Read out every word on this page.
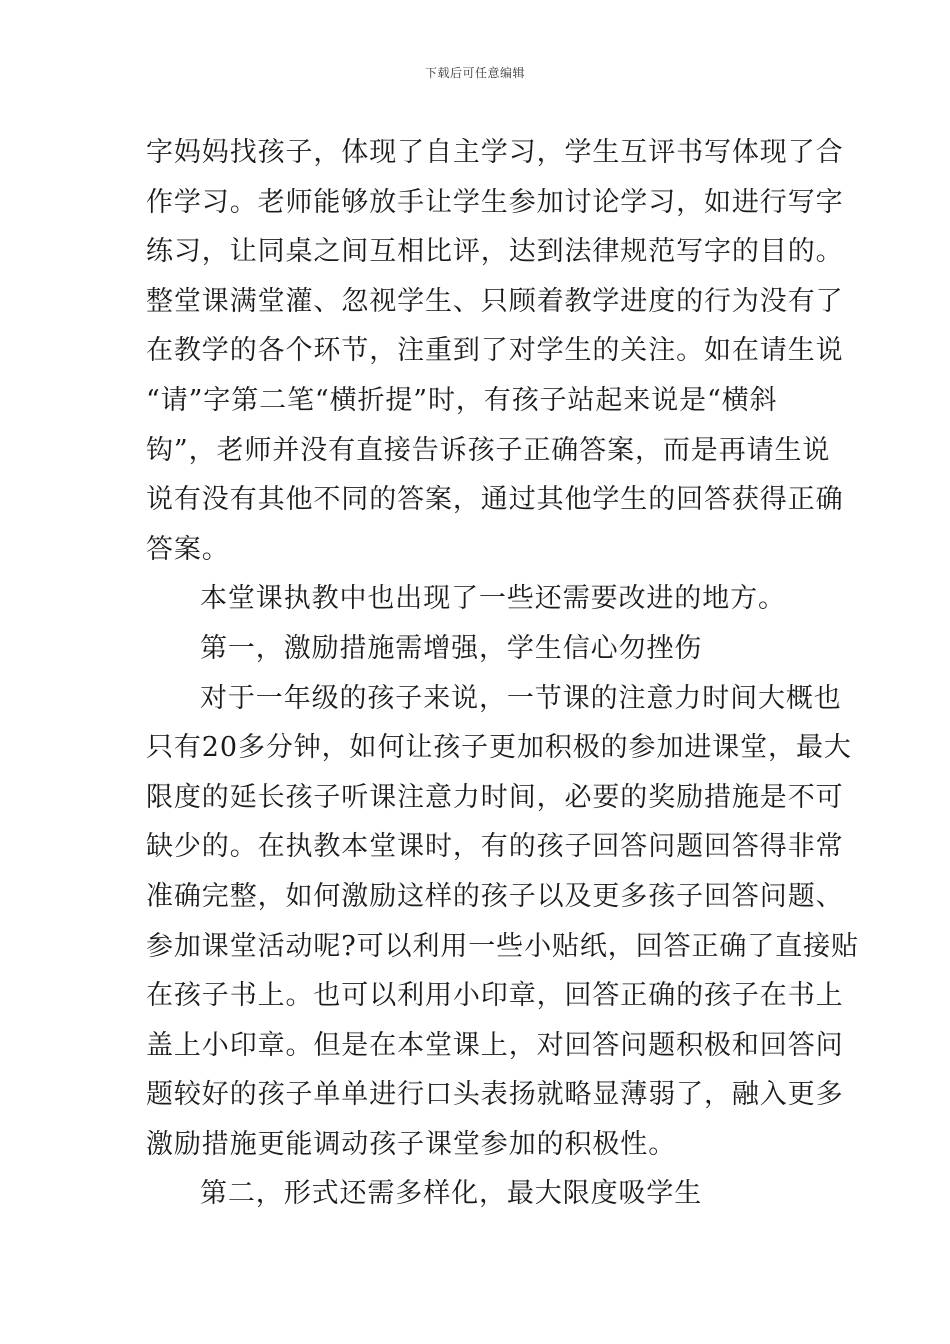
下载后可任意编辑
字妈妈找孩子，体现了自主学习，学生互评书写体现了合
作学习。老师能够放手让学生参加讨论学习，如进行写字
练习，让同桌之间互相比评，达到法律规范写字的目的。
整堂课满堂灌、忽视学生、只顾着教学进度的行为没有了
在教学的各个环节，注重到了对学生的关注。如在请生说
“请”字第二笔“横折提”时，有孩子站起来说是“横斜
钩”，老师并没有直接告诉孩子正确答案，而是再请生说
说有没有其他不同的答案，通过其他学生的回答获得正确
答案。
本堂课执教中也出现了一些还需要改进的地方。
第一，激励措施需增强，学生信心勿挫伤
对于一年级的孩子来说，一节课的注意力时间大概也
只有20多分钟，如何让孩子更加积极的参加进课堂，最大
限度的延长孩子听课注意力时间，必要的奖励措施是不可
缺少的。在执教本堂课时，有的孩子回答问题回答得非常
准确完整，如何激励这样的孩子以及更多孩子回答问题、
参加课堂活动呢?可以利用一些小贴纸，回答正确了直接贴
在孩子书上。也可以利用小印章，回答正确的孩子在书上
盖上小印章。但是在本堂课上，对回答问题积极和回答问
题较好的孩子单单进行口头表扬就略显薄弱了，融入更多
激励措施更能调动孩子课堂参加的积极性。
第二，形式还需多样化，最大限度吸学生
